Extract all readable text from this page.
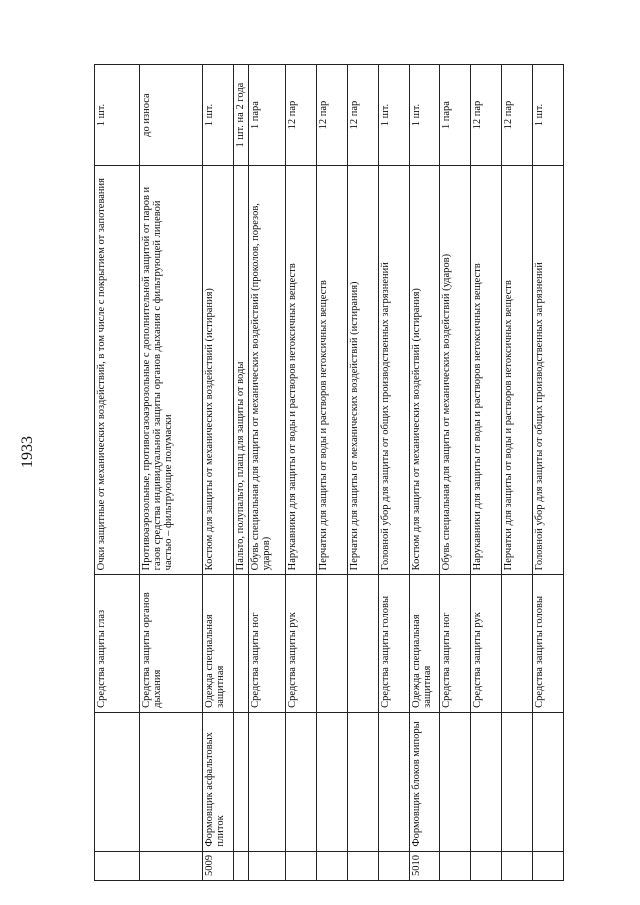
1933
		Средства защиты глаз	Очки защитные от механических воздействий, в том числе с покрытием от запотевания	1 шт.
		Средства защиты органов дыхания	Противоаэрозольные, противогазоаэрозольные с дополнительной защитой от паров и газов средства индивидуальной защиты органов дыхания с фильтрующей лицевой частью – фильтрующие полумаски	до износа
5009	Формовщик асфальтовых плиток	Одежда специальная защитная	Костюм для защиты от механических воздействий (истирания)	1 шт.
			Пальто, полупальто, плащ для защиты от воды	1 шт. на 2 года
		Средства защиты ног	Обувь специальная для защиты от механических воздействий (проколов, порезов, ударов)	1 пара
		Средства защиты рук	Нарукавники для защиты от воды и растворов нетоксичных веществ	12 пар
			Перчатки для защиты от воды и растворов нетоксичных веществ	12 пар
			Перчатки для защиты от механических воздействий (истирания)	12 пар
		Средства защиты головы	Головной убор для защиты от общих производственных загрязнений	1 шт.
5010	Формовщик блоков мипоры	Одежда специальная защитная	Костюм для защиты от механических воздействий (истирания)	1 шт.
		Средства защиты ног	Обувь специальная для защиты от механических воздействий (ударов)	1 пара
		Средства защиты рук	Нарукавники для защиты от воды и растворов нетоксичных веществ	12 пар
			Перчатки для защиты от воды и растворов нетоксичных веществ	12 пар
		Средства защиты головы	Головной убор для защиты от общих производственных загрязнений	1 шт.
